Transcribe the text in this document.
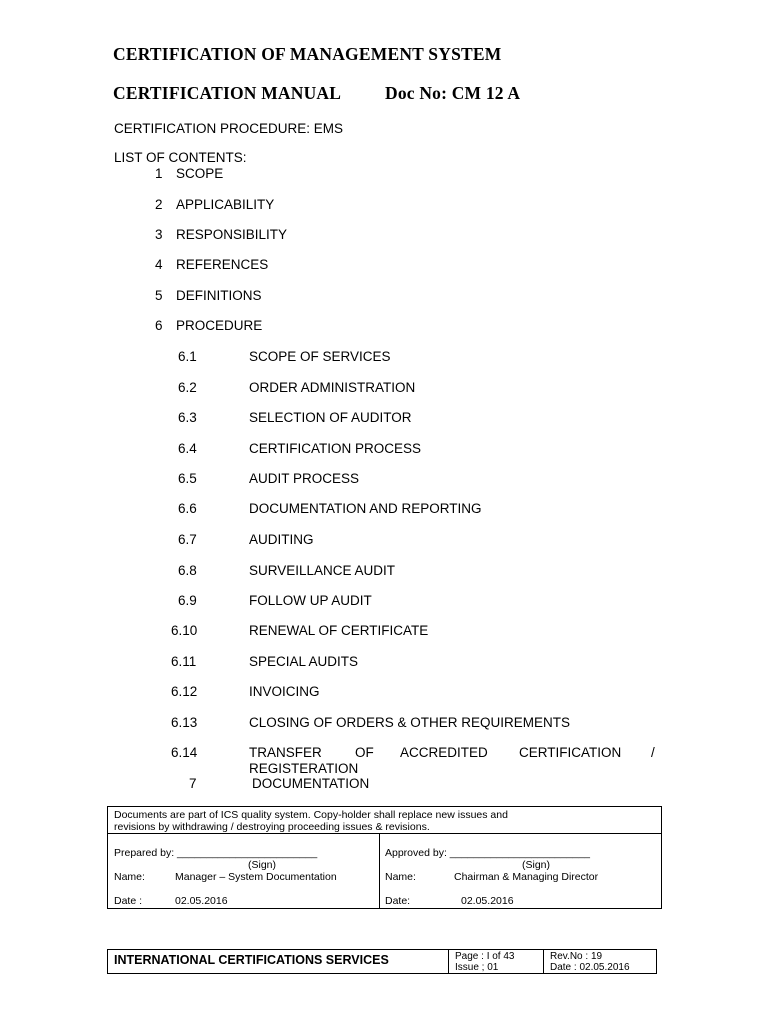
CERTIFICATION OF MANAGEMENT SYSTEM
CERTIFICATION MANUAL	Doc No: CM 12 A
CERTIFICATION PROCEDURE: EMS
LIST OF CONTENTS:
1 SCOPE
2 APPLICABILITY
3 RESPONSIBILITY
4 REFERENCES
5 DEFINITIONS
6 PROCEDURE
6.1	SCOPE OF SERVICES
6.2	ORDER ADMINISTRATION
6.3	SELECTION OF AUDITOR
6.4	CERTIFICATION PROCESS
6.5	AUDIT PROCESS
6.6	DOCUMENTATION AND REPORTING
6.7	AUDITING
6.8	SURVEILLANCE AUDIT
6.9	FOLLOW UP AUDIT
6.10	RENEWAL OF CERTIFICATE
6.11	SPECIAL AUDITS
6.12	INVOICING
6.13	CLOSING OF ORDERS & OTHER REQUIREMENTS
6.14	TRANSFER OF ACCREDITED CERTIFICATION /
REGISTERATION
7	DOCUMENTATION
Documents are part of ICS quality system. Copy-holder shall replace new issues and
revisions by withdrawing / destroying proceeding issues & revisions.
Prepared by: ________________________
(Sign)
Name:	Manager – System Documentation
Date :	02.05.2016
Approved by: ________________________
(Sign)
Name:	Chairman & Managing Director
Date:	02.05.2016
INTERNATIONAL CERTIFICATIONS SERVICES	Page : I of 43
Issue ; 01
Rev.No : 19
Date : 02.05.2016
